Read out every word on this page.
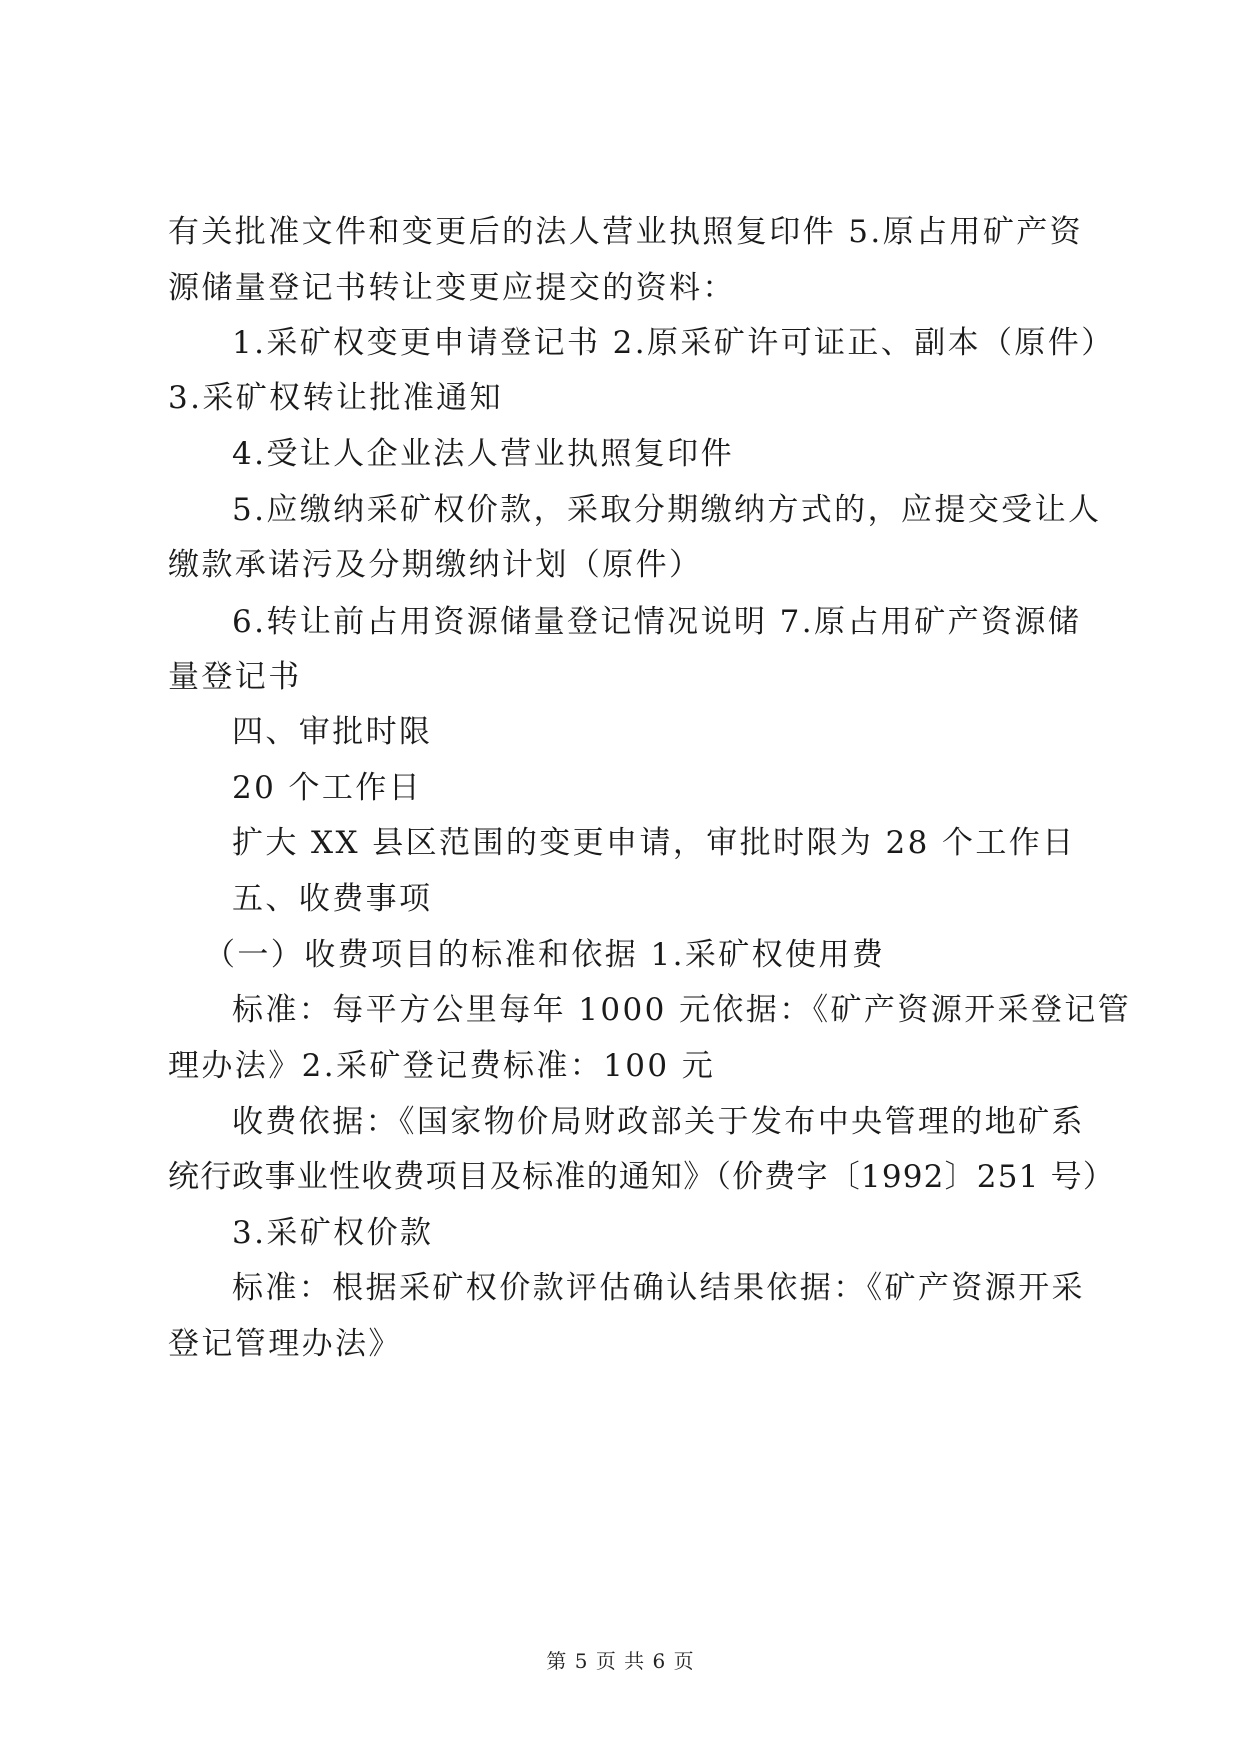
有关批准文件和变更后的法人营业执照复印件 5.原占用矿产资
源储量登记书转让变更应提交的资料：
1.采矿权变更申请登记书 2.原采矿许可证正、副本（原件）
3.采矿权转让批准通知
4.受让人企业法人营业执照复印件
5.应缴纳采矿权价款，采取分期缴纳方式的，应提交受让人
缴款承诺污及分期缴纳计划（原件）
6.转让前占用资源储量登记情况说明 7.原占用矿产资源储
量登记书
四、审批时限
20 个工作日
扩大 XX 县区范围的变更申请，审批时限为 28 个工作日
五、收费事项
（一）收费项目的标准和依据 1.采矿权使用费
标准：每平方公里每年 1000 元依据：《矿产资源开采登记管
理办法》2.采矿登记费标准：100 元
收费依据：《国家物价局财政部关于发布中央管理的地矿系
统行政事业性收费项目及标准的通知》（价费字〔1992〕251 号）
3.采矿权价款
标准：根据采矿权价款评估确认结果依据：《矿产资源开采
登记管理办法》
第 5 页 共 6 页
